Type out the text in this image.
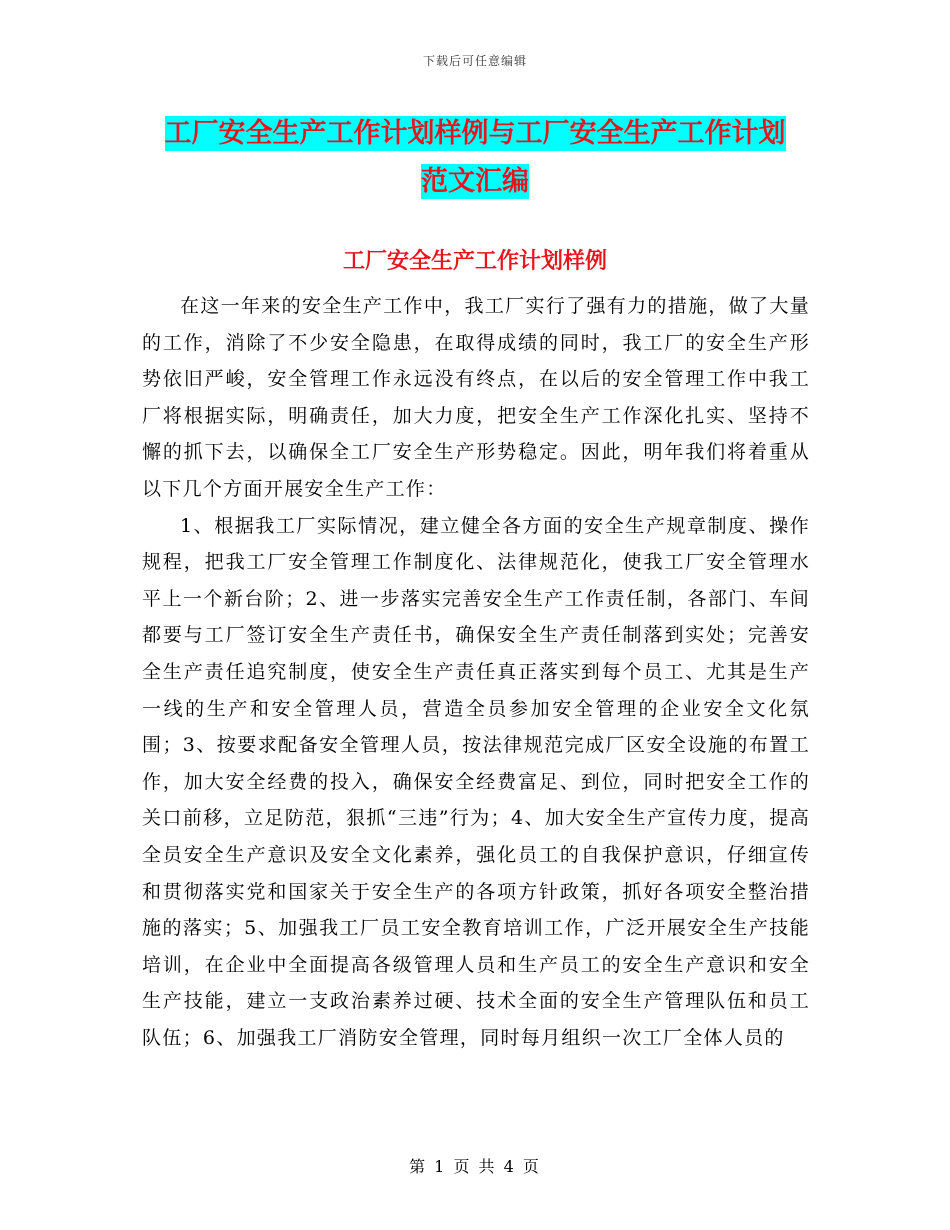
下载后可任意编辑
工厂安全生产工作计划样例与工厂安全生产工作计划
范文汇编
工厂安全生产工作计划样例

在这一年来的安全生产工作中，我工厂实行了强有力的措施，做了大量的工作，消除了不少安全隐患，在取得成绩的同时，我工厂的安全生产形势依旧严峻，安全管理工作永远没有终点，在以后的安全管理工作中我工厂将根据实际，明确责任，加大力度，把安全生产工作深化扎实、坚持不懈的抓下去，以确保全工厂安全生产形势稳定。因此，明年我们将着重从以下几个方面开展安全生产工作：

1、根据我工厂实际情况，建立健全各方面的安全生产规章制度、操作规程，把我工厂安全管理工作制度化、法律规范化，使我工厂安全管理水平上一个新台阶；2、进一步落实完善安全生产工作责任制，各部门、车间都要与工厂签订安全生产责任书，确保安全生产责任制落到实处；完善安全生产责任追究制度，使安全生产责任真正落实到每个员工、尤其是生产一线的生产和安全管理人员，营造全员参加安全管理的企业安全文化氛围；3、按要求配备安全管理人员，按法律规范完成厂区安全设施的布置工作，加大安全经费的投入，确保安全经费富足、到位，同时把安全工作的关口前移，立足防范，狠抓“三违”行为；4、加大安全生产宣传力度，提高全员安全生产意识及安全文化素养，强化员工的自我保护意识，仔细宣传和贯彻落实党和国家关于安全生产的各项方针政策，抓好各项安全整治措施的落实；5、加强我工厂员工安全教育培训工作，广泛开展安全生产技能培训，在企业中全面提高各级管理人员和生产员工的安全生产意识和安全生产技能，建立一支政治素养过硬、技术全面的安全生产管理队伍和员工队伍；6、加强我工厂消防安全管理，同时每月组织一次工厂全体人员的

第 1 页 共 4 页
